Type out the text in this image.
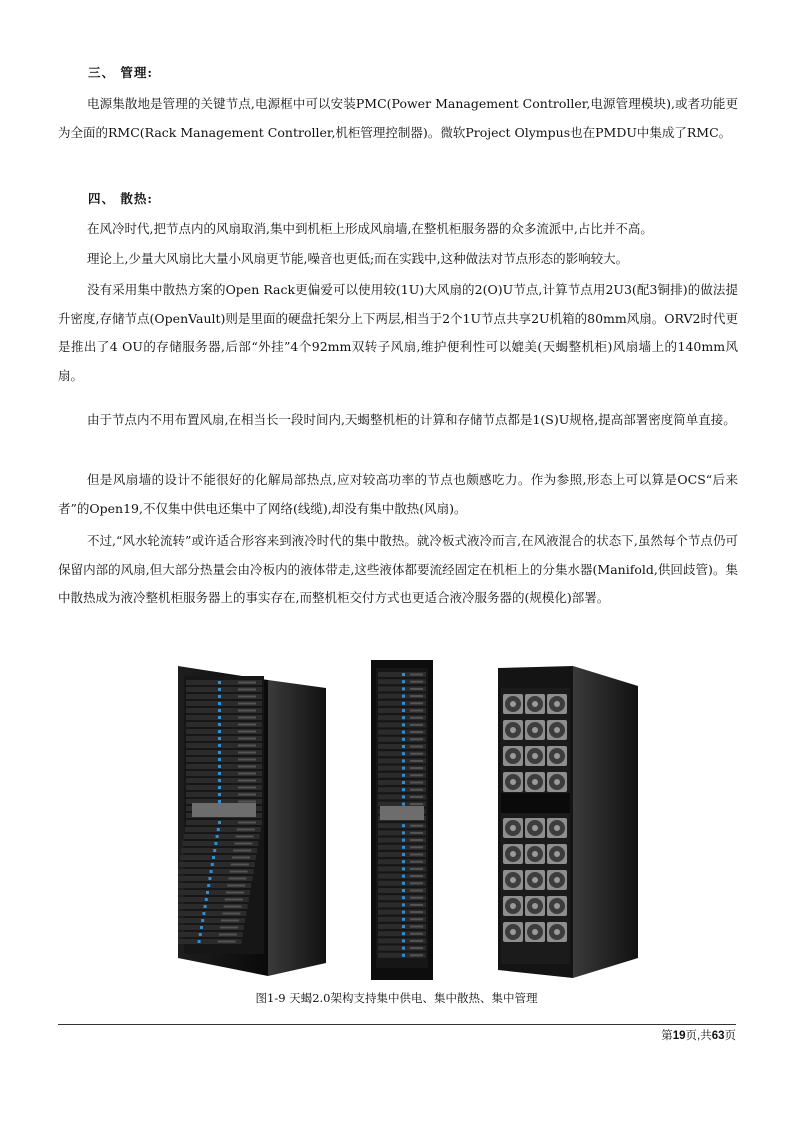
三、 管理:

电源集散地是管理的关键节点,电源框中可以安装PMC(Power Management Controller,电源管理模块),或者功能更为全面的RMC(Rack Management Controller,机柜管理控制器)。微软Project Olympus也在PMDU中集成了RMC。

四、 散热:

在风冷时代,把节点内的风扇取消,集中到机柜上形成风扇墙,在整机柜服务器的众多流派中,占比并不高。

理论上,少量大风扇比大量小风扇更节能,噪音也更低;而在实践中,这种做法对节点形态的影响较大。

没有采用集中散热方案的Open Rack更偏爱可以使用较(1U)大风扇的2(O)U节点,计算节点用2U3(配3铜排)的做法提升密度,存储节点(OpenVault)则是里面的硬盘托架分上下两层,相当于2个1U节点共享2U机箱的80mm风扇。ORV2时代更是推出了4 OU的存储服务器,后部“外挂”4个92mm双转子风扇,维护便利性可以媲美(天蝎整机柜)风扇墙上的140mm风扇。

由于节点内不用布置风扇,在相当长一段时间内,天蝎整机柜的计算和存储节点都是1(S)U规格,提高部署密度简单直接。

但是风扇墙的设计不能很好的化解局部热点,应对较高功率的节点也颇感吃力。作为参照,形态上可以算是OCS“后来者”的Open19,不仅集中供电还集中了网络(线缆),却没有集中散热(风扇)。

不过,“风水轮流转”或许适合形容来到液冷时代的集中散热。就冷板式液冷而言,在风液混合的状态下,虽然每个节点仍可保留内部的风扇,但大部分热量会由冷板内的液体带走,这些液体都要流经固定在机柜上的分集水器(Manifold,供回歧管)。集中散热成为液冷整机柜服务器上的事实存在,而整机柜交付方式也更适合液冷服务器的(规模化)部署。

图1-9 天蝎2.0架构支持集中供电、集中散热、集中管理
第19页,共63页
